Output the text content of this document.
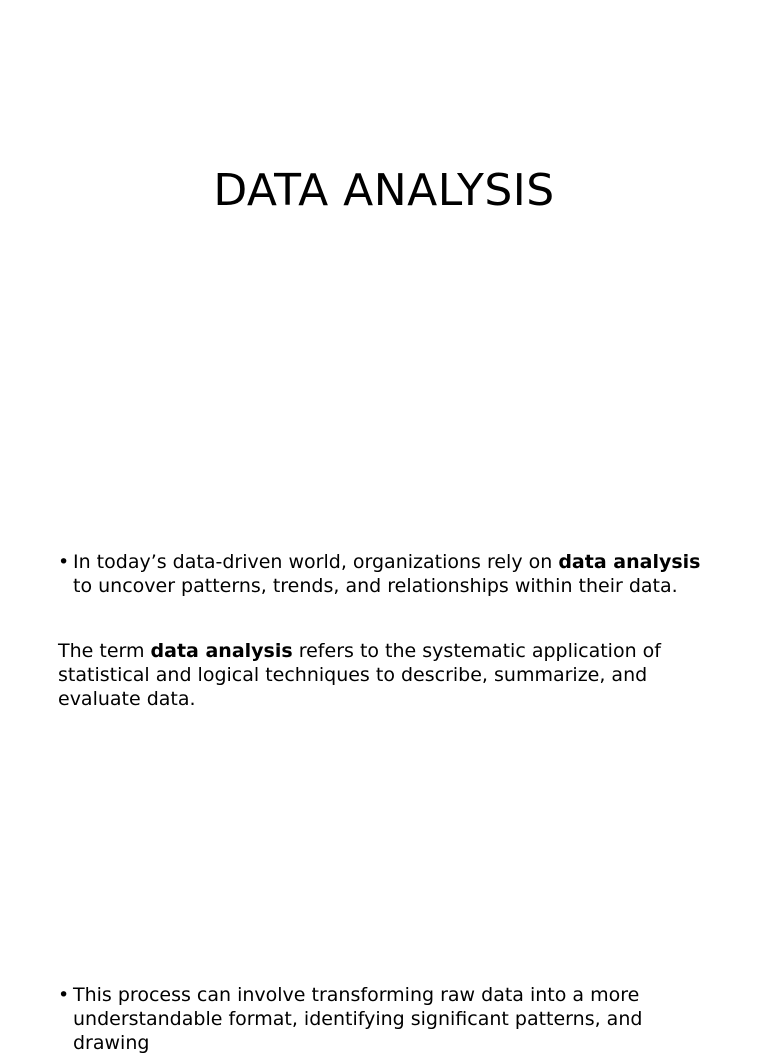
DATA ANALYSIS
• In today’s data-driven world, organizations rely on data analysis to uncover patterns, trends, and relationships within their data.

The term data analysis refers to the systematic application of statistical and logical techniques to describe, summarize, and evaluate data.

• This process can involve transforming raw data into a more understandable format, identifying significant patterns, and drawing
